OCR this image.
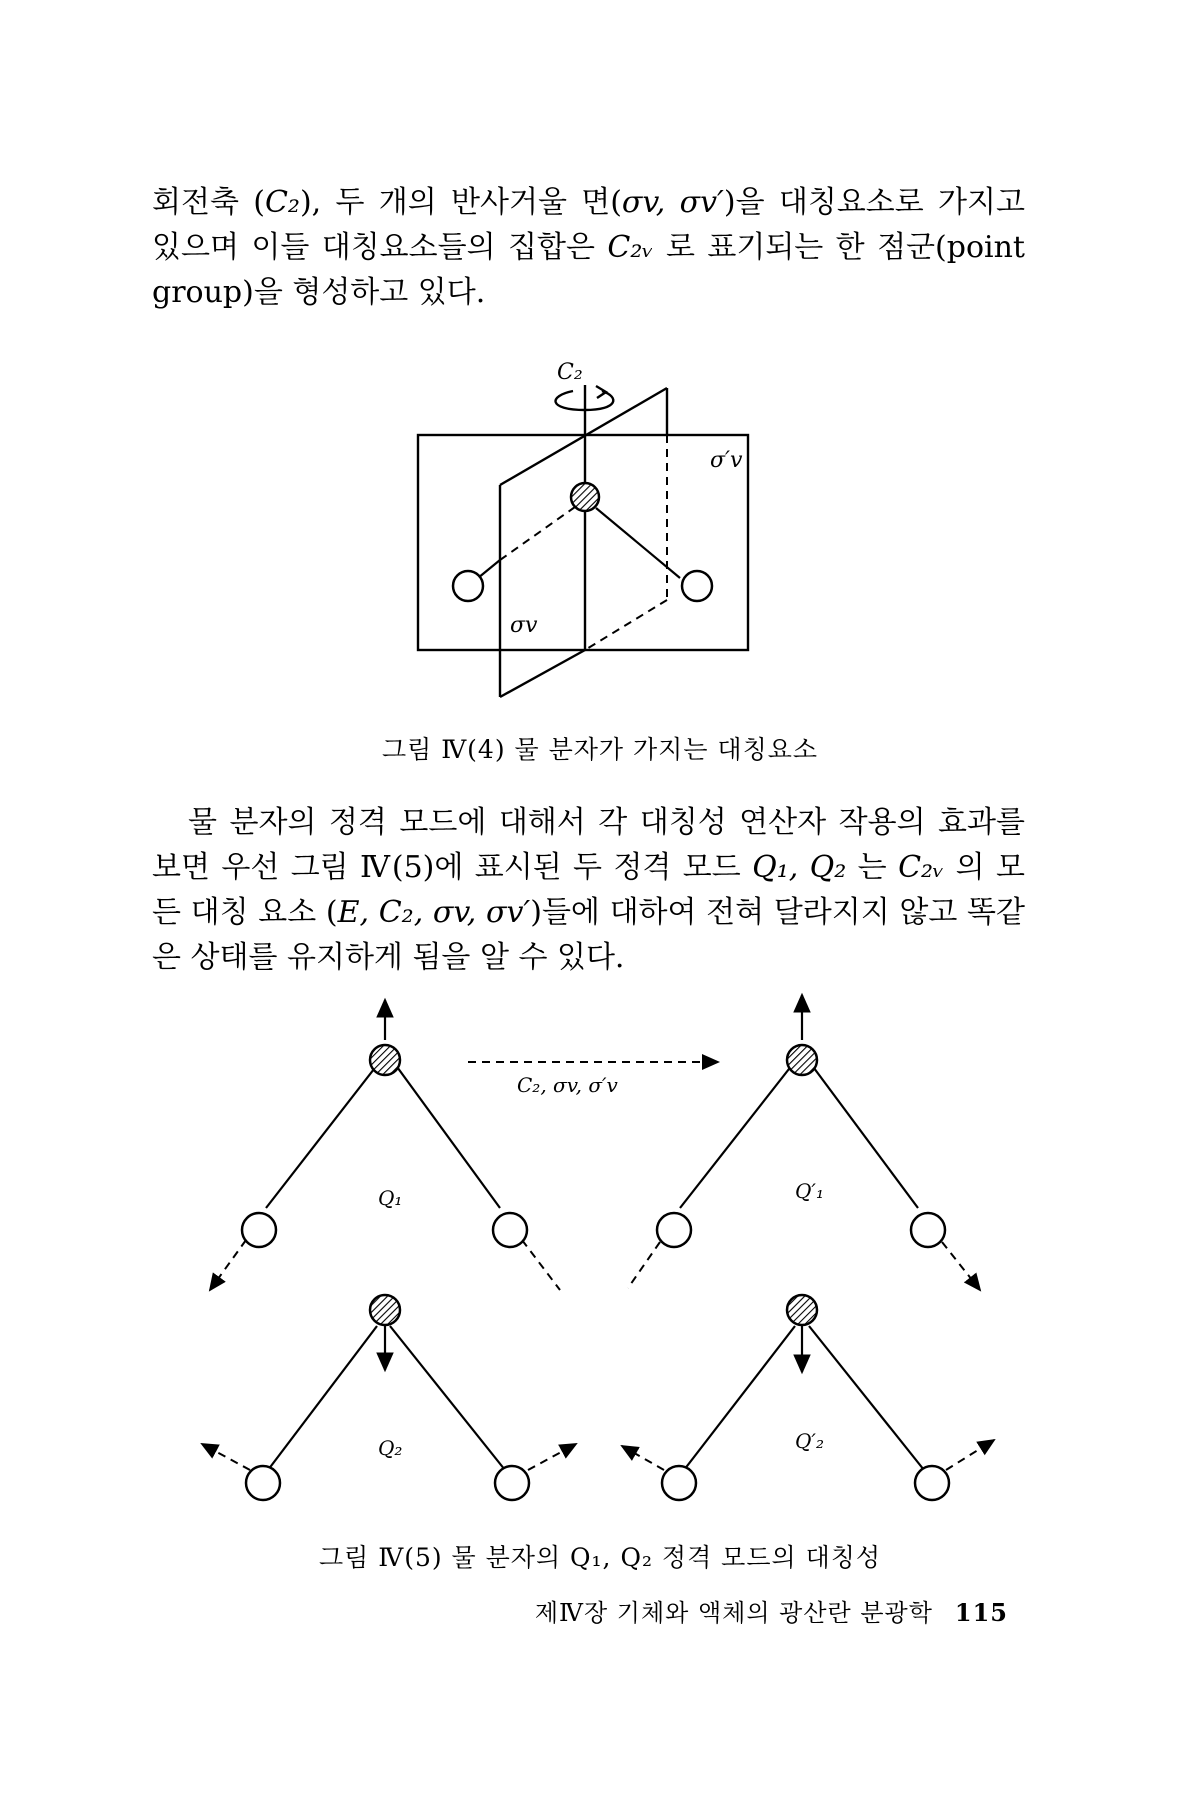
회전축 (C₂), 두 개의 반사거울 면(σv, σv′)을 대칭요소로 가지고 있으며 이들 대칭요소들의 집합은 C₂ᵥ 로 표기되는 한 점군(point group)을 형성하고 있다.

C₂
σ′v
σv

그림 Ⅳ(4) 물 분자가 가지는 대칭요소

물 분자의 정격 모드에 대해서 각 대칭성 연산자 작용의 효과를 보면 우선 그림 Ⅳ(5)에 표시된 두 정격 모드 Q₁, Q₂ 는 C₂ᵥ 의 모든 대칭 요소 (E, C₂, σv, σv′)들에 대하여 전혀 달라지지 않고 똑같은 상태를 유지하게 됨을 알 수 있다.

Q₁
C₂, σv, σ′v
Q′₁
Q₂	Q′₂

그림 Ⅳ(5) 물 분자의 Q₁, Q₂ 정격 모드의 대칭성

제Ⅳ장 기체와 액체의 광산란 분광학 115
